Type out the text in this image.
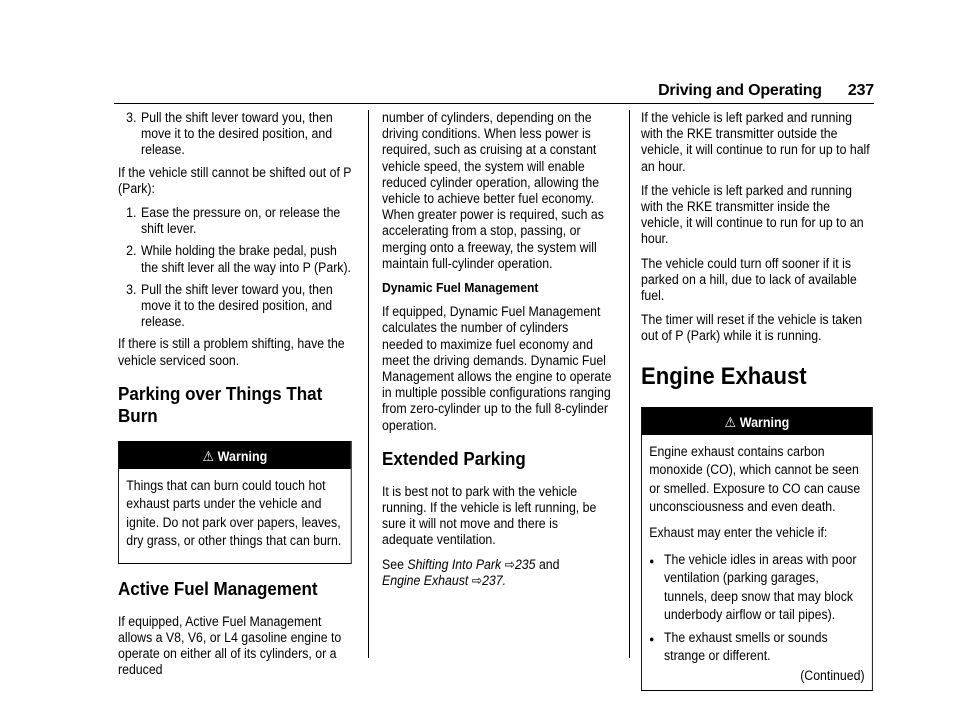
Driving and Operating 237
3. Pull the shift lever toward you, then move it to the desired position, and release.

If the vehicle still cannot be shifted out of P (Park):

1. Ease the pressure on, or release the shift lever.
2. While holding the brake pedal, push the shift lever all the way into P (Park).
3. Pull the shift lever toward you, then move it to the desired position, and release.

If there is still a problem shifting, have the vehicle serviced soon.

Parking over Things That Burn
⚠ Warning

Things that can burn could touch hot exhaust parts under the vehicle and ignite. Do not park over papers, leaves, dry grass, or other things that can burn.

Active Fuel Management

If equipped, Active Fuel Management allows a V8, V6, or L4 gasoline engine to operate on either all of its cylinders, or a reduced

number of cylinders, depending on the driving conditions. When less power is required, such as cruising at a constant vehicle speed, the system will enable reduced cylinder operation, allowing the vehicle to achieve better fuel economy. When greater power is required, such as accelerating from a stop, passing, or merging onto a freeway, the system will maintain full-cylinder operation.

Dynamic Fuel Management

If equipped, Dynamic Fuel Management calculates the number of cylinders needed to maximize fuel economy and meet the driving demands. Dynamic Fuel Management allows the engine to operate in multiple possible configurations ranging from zero-cylinder up to the full 8-cylinder operation.

Extended Parking

It is best not to park with the vehicle running. If the vehicle is left running, be sure it will not move and there is adequate ventilation.

See Shifting Into Park ⇨235 and
Engine Exhaust ⇨237.

If the vehicle is left parked and running with the RKE transmitter outside the vehicle, it will continue to run for up to half an hour.

If the vehicle is left parked and running with the RKE transmitter inside the vehicle, it will continue to run for up to an hour.

The vehicle could turn off sooner if it is parked on a hill, due to lack of available fuel.

The timer will reset if the vehicle is taken out of P (Park) while it is running.

Engine Exhaust
⚠ Warning

Engine exhaust contains carbon monoxide (CO), which cannot be seen or smelled. Exposure to CO can cause unconsciousness and even death.

Exhaust may enter the vehicle if:

● The vehicle idles in areas with poor ventilation (parking garages, tunnels, deep snow that may block underbody airflow or tail pipes).
● The exhaust smells or sounds strange or different.
(Continued)
